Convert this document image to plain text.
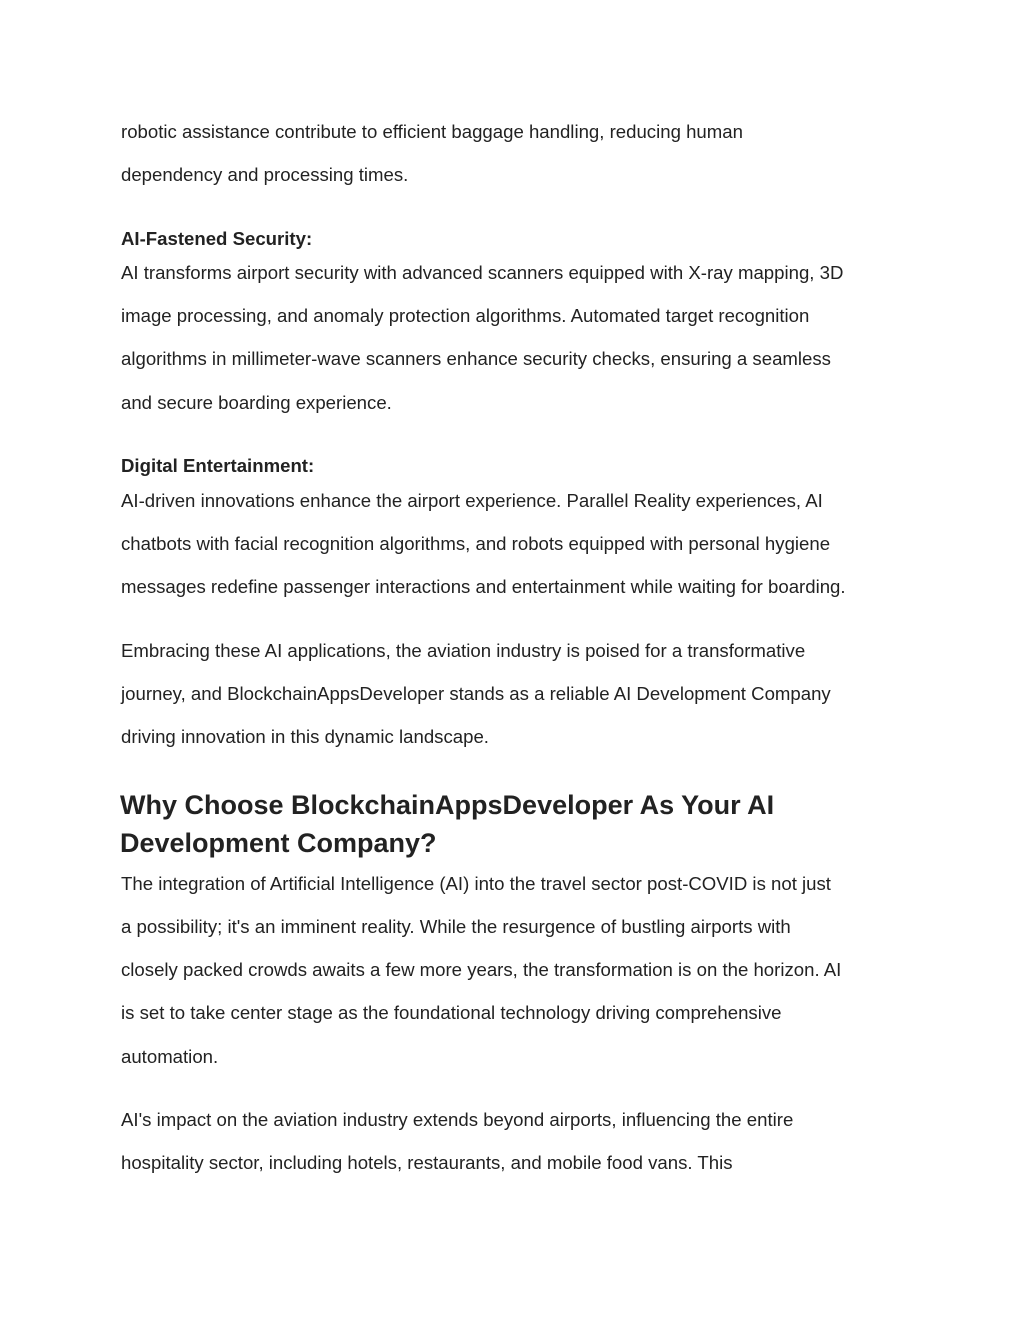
robotic assistance contribute to efficient baggage handling, reducing human
dependency and processing times.
AI-Fastened Security:
AI transforms airport security with advanced scanners equipped with X-ray mapping, 3D
image processing, and anomaly protection algorithms. Automated target recognition
algorithms in millimeter-wave scanners enhance security checks, ensuring a seamless
and secure boarding experience.
Digital Entertainment:
AI-driven innovations enhance the airport experience. Parallel Reality experiences, AI
chatbots with facial recognition algorithms, and robots equipped with personal hygiene
messages redefine passenger interactions and entertainment while waiting for boarding.
Embracing these AI applications, the aviation industry is poised for a transformative
journey, and BlockchainAppsDeveloper stands as a reliable AI Development Company
driving innovation in this dynamic landscape.
Why Choose BlockchainAppsDeveloper As Your AI
Development Company?
The integration of Artificial Intelligence (AI) into the travel sector post-COVID is not just
a possibility; it's an imminent reality. While the resurgence of bustling airports with
closely packed crowds awaits a few more years, the transformation is on the horizon. AI
is set to take center stage as the foundational technology driving comprehensive
automation.
AI's impact on the aviation industry extends beyond airports, influencing the entire
hospitality sector, including hotels, restaurants, and mobile food vans. This
